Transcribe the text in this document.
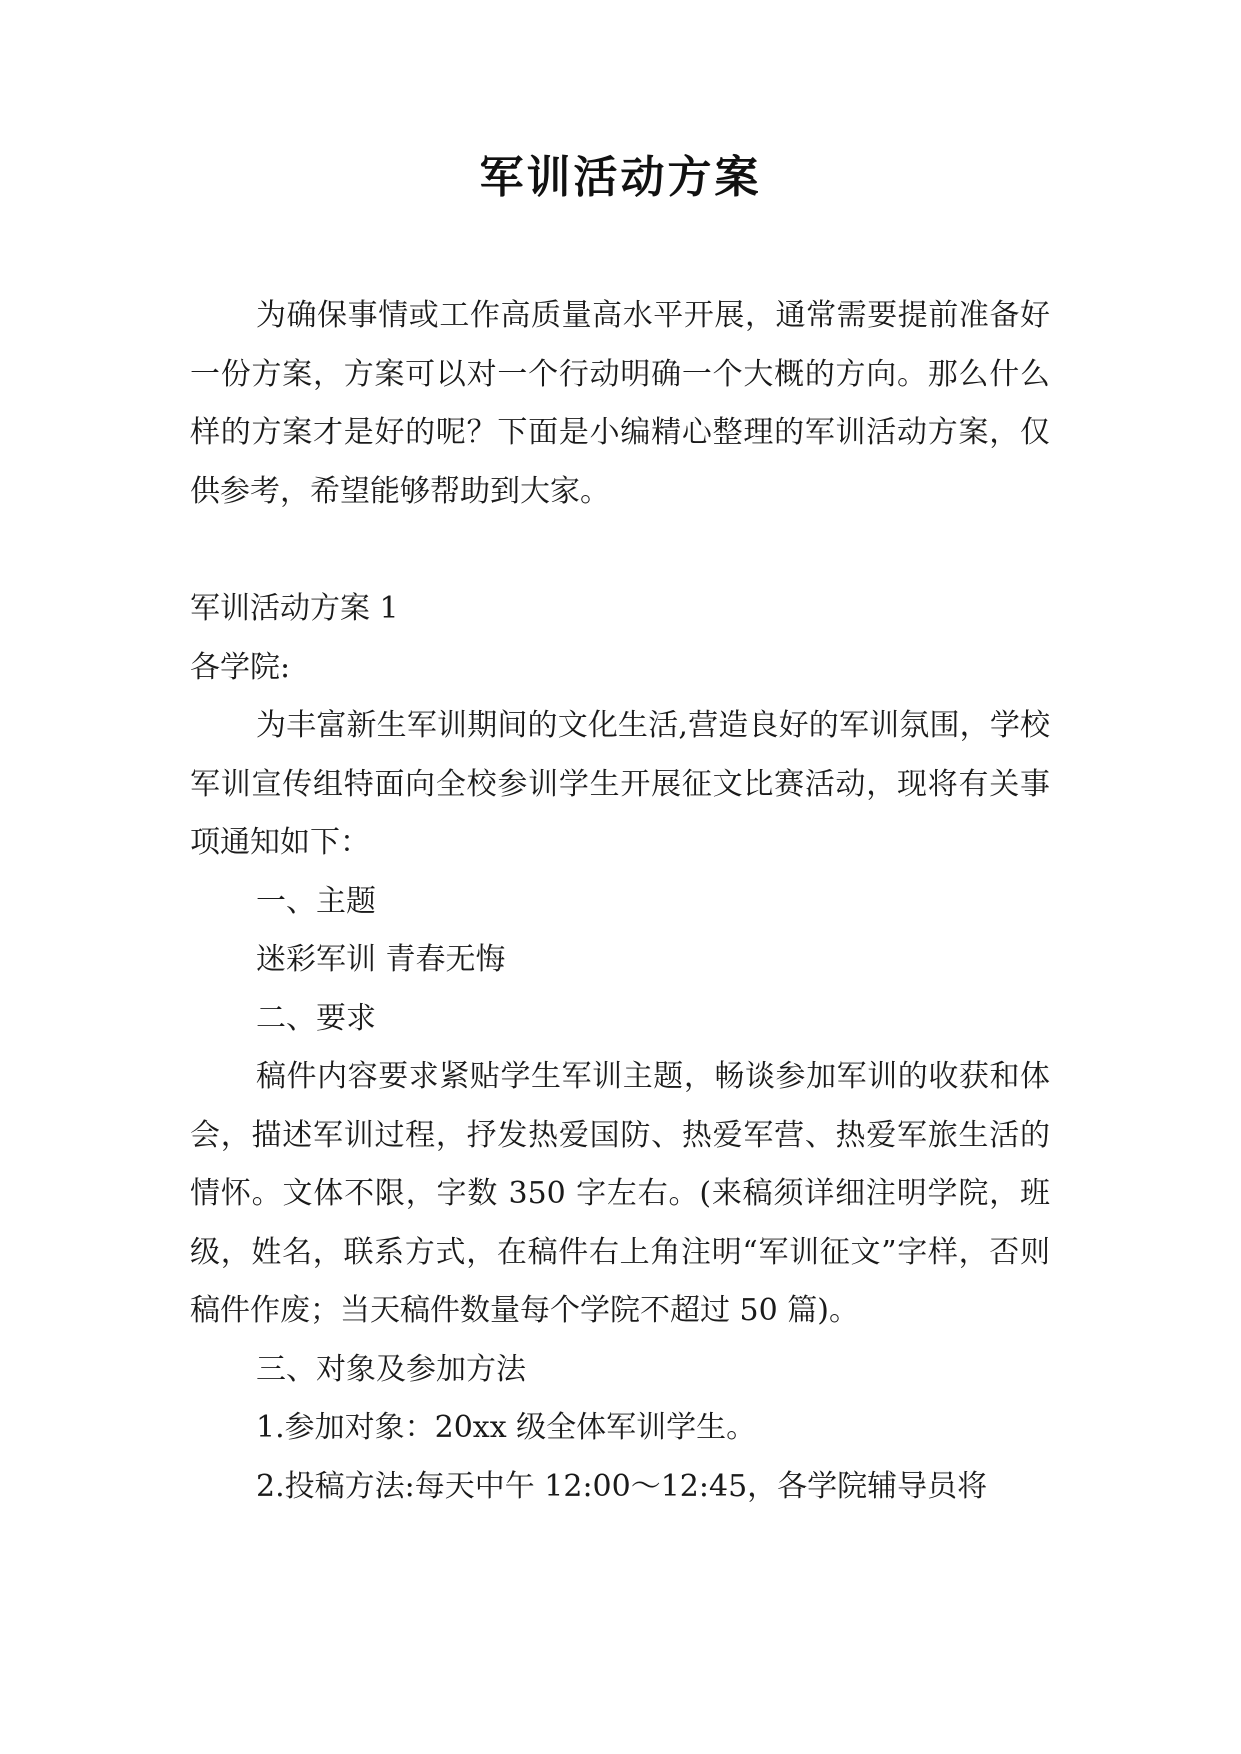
军训活动方案

为确保事情或工作高质量高水平开展，通常需要提前准备好一份方案，方案可以对一个行动明确一个大概的方向。那么什么样的方案才是好的呢？下面是小编精心整理的军训活动方案，仅供参考，希望能够帮助到大家。

军训活动方案 1

各学院:

为丰富新生军训期间的文化生活,营造良好的军训氛围，学校军训宣传组特面向全校参训学生开展征文比赛活动，现将有关事项通知如下：

一、主题

迷彩军训 青春无悔

二、要求

稿件内容要求紧贴学生军训主题，畅谈参加军训的收获和体会，描述军训过程，抒发热爱国防、热爱军营、热爱军旅生活的情怀。文体不限，字数 350 字左右。(来稿须详细注明学院，班级，姓名，联系方式，在稿件右上角注明“军训征文”字样，否则稿件作废；当天稿件数量每个学院不超过 50 篇)。

三、对象及参加方法

1.参加对象：20xx 级全体军训学生。

2.投稿方法:每天中午 12:00～12:45，各学院辅导员将
